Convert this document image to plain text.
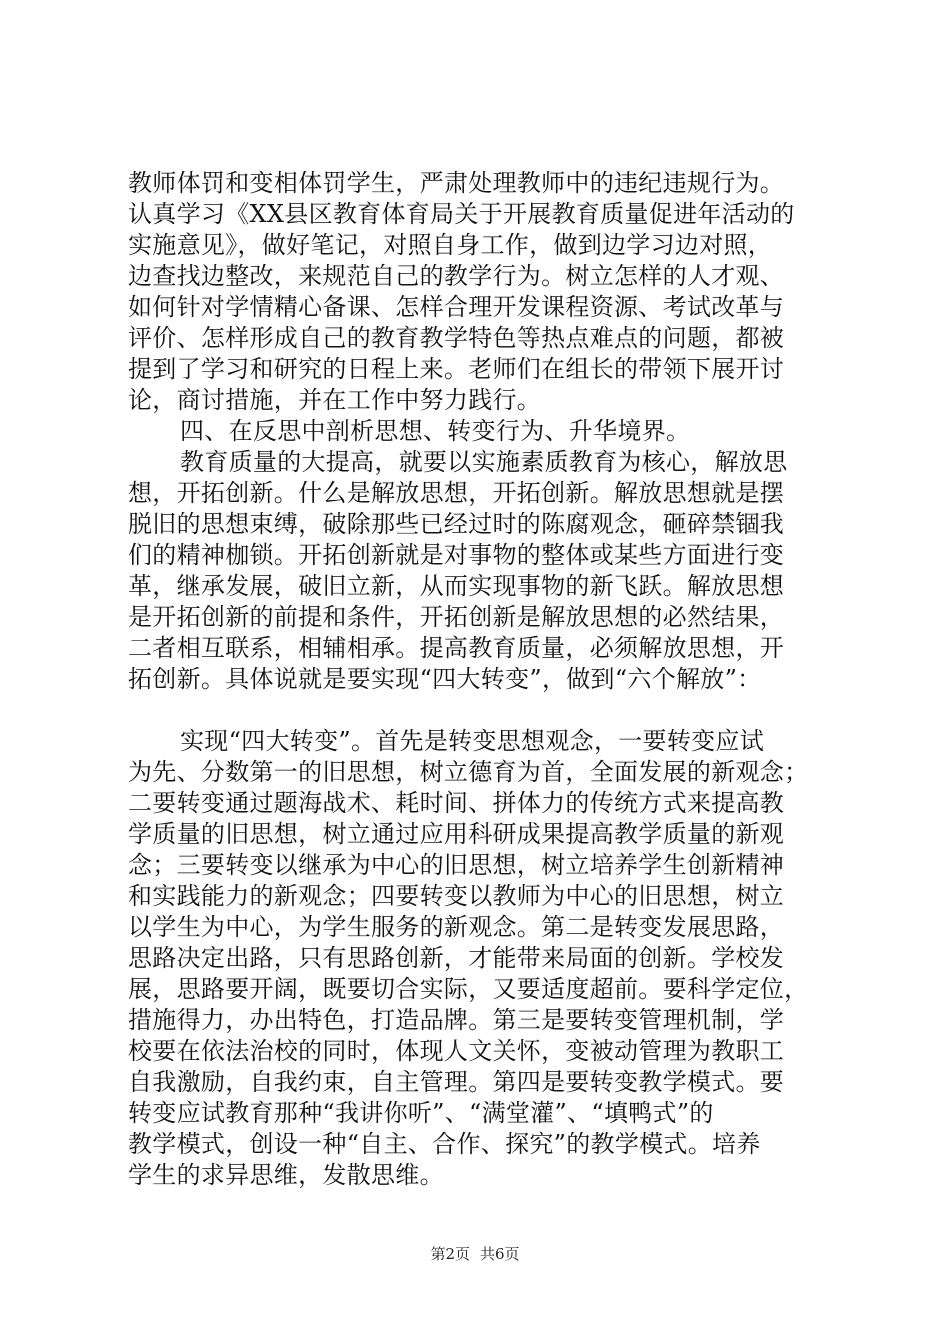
教师体罚和变相体罚学生，严肃处理教师中的违纪违规行为。
认真学习《XX县区教育体育局关于开展教育质量促进年活动的
实施意见》，做好笔记，对照自身工作，做到边学习边对照，
边查找边整改，来规范自己的教学行为。树立怎样的人才观、
如何针对学情精心备课、怎样合理开发课程资源、考试改革与
评价、怎样形成自己的教育教学特色等热点难点的问题，都被
提到了学习和研究的日程上来。老师们在组长的带领下展开讨
论，商讨措施，并在工作中努力践行。
四、在反思中剖析思想、转变行为、升华境界。
教育质量的大提高，就要以实施素质教育为核心，解放思
想，开拓创新。什么是解放思想，开拓创新。解放思想就是摆
脱旧的思想束缚，破除那些已经过时的陈腐观念，砸碎禁锢我
们的精神枷锁。开拓创新就是对事物的整体或某些方面进行变
革，继承发展，破旧立新，从而实现事物的新飞跃。解放思想
是开拓创新的前提和条件，开拓创新是解放思想的必然结果，
二者相互联系，相辅相承。提高教育质量，必须解放思想，开
拓创新。具体说就是要实现“四大转变”，做到“六个解放”：
实现“四大转变”。首先是转变思想观念，一要转变应试
为先、分数第一的旧思想，树立德育为首，全面发展的新观念；
二要转变通过题海战术、耗时间、拼体力的传统方式来提高教
学质量的旧思想，树立通过应用科研成果提高教学质量的新观
念；三要转变以继承为中心的旧思想，树立培养学生创新精神
和实践能力的新观念；四要转变以教师为中心的旧思想，树立
以学生为中心，为学生服务的新观念。第二是转变发展思路，
思路决定出路，只有思路创新，才能带来局面的创新。学校发
展，思路要开阔，既要切合实际，又要适度超前。要科学定位，
措施得力，办出特色，打造品牌。第三是要转变管理机制，学
校要在依法治校的同时，体现人文关怀，变被动管理为教职工
自我激励，自我约束，自主管理。第四是要转变教学模式。要
转变应试教育那种“我讲你听”、“满堂灌”、“填鸭式”的
教学模式，创设一种“自主、合作、探究”的教学模式。培养
学生的求异思维，发散思维。
第2页 共6页
